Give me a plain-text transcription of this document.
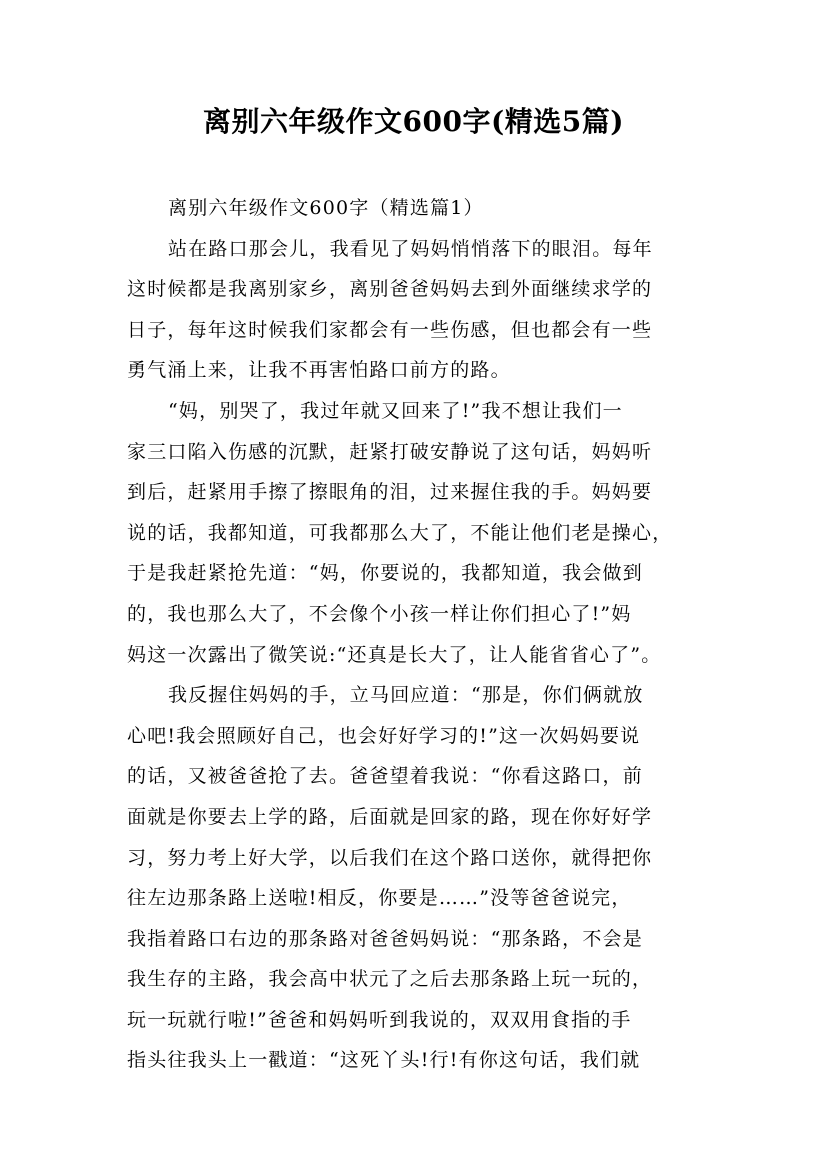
离别六年级作文600字(精选5篇)

离别六年级作文600字（精选篇1）

站在路口那会儿，我看见了妈妈悄悄落下的眼泪。每年

这时候都是我离别家乡，离别爸爸妈妈去到外面继续求学的

日子，每年这时候我们家都会有一些伤感，但也都会有一些

勇气涌上来，让我不再害怕路口前方的路。

“妈，别哭了，我过年就又回来了!”我不想让我们一

家三口陷入伤感的沉默，赶紧打破安静说了这句话，妈妈听

到后，赶紧用手擦了擦眼角的泪，过来握住我的手。妈妈要

说的话，我都知道，可我都那么大了，不能让他们老是操心，

于是我赶紧抢先道：“妈，你要说的，我都知道，我会做到

的，我也那么大了，不会像个小孩一样让你们担心了!”妈

妈这一次露出了微笑说:“还真是长大了，让人能省省心了”。

我反握住妈妈的手，立马回应道：“那是，你们俩就放

心吧!我会照顾好自己，也会好好学习的!”这一次妈妈要说

的话，又被爸爸抢了去。爸爸望着我说：“你看这路口，前

面就是你要去上学的路，后面就是回家的路，现在你好好学

习，努力考上好大学，以后我们在这个路口送你，就得把你

往左边那条路上送啦!相反，你要是……”没等爸爸说完，

我指着路口右边的那条路对爸爸妈妈说：“那条路，不会是

我生存的主路，我会高中状元了之后去那条路上玩一玩的，

玩一玩就行啦!”爸爸和妈妈听到我说的，双双用食指的手

指头往我头上一戳道：“这死丫头!行!有你这句话，我们就
